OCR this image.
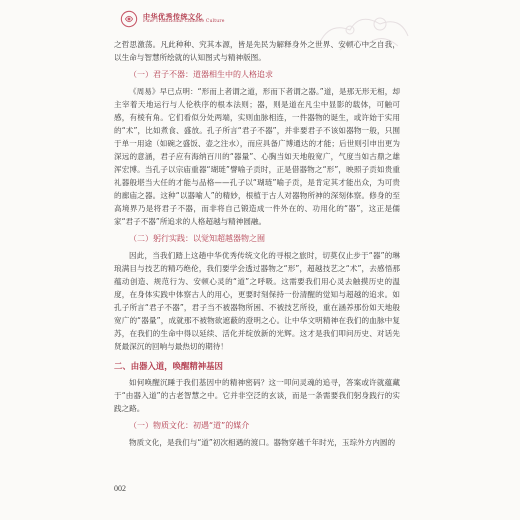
中华优秀传统文化
Fine Traditional Chinese Culture
之哲思激荡。凡此种种、究其本源，皆是先民为解释身外之世界、安顿心中之自我，以生命与智慧所绘就的认知图式与精神版图。
（一）君子不器：道器相生中的人格追求
《周易》早已点明：“形而上者谓之道，形而下者谓之器。”道，是那无形无相，却主宰着天地运行与人伦秩序的根本法则；器，则是道在凡尘中显影的载体，可触可感，有棱有角。它们看似分处两端，实则血脉相连，一件器物的诞生，或许始于实用的“术”，比如煮食、盛放。孔子所言“君子不器”，并非要君子不该如器物一般，只囿于单一用途（如碗之盛饭、壶之注水），而应具备广博通达的才能；后世则引申出更为深远的意涵，君子应有海纳百川的“器量”、心胸当如天地般宽广，气度当如古鼎之雄浑宏博。当孔子以宗庙重器“瑚琏”譬喻子贡时，正是借器物之“形”，映照子贡如贵重礼器般堪当大任的才能与品格——孔子以“瑚琏”喻子贡，是肯定其才能出众，为可贵的廊庙之器。这种“以器喻人”的精妙，根植于古人对器物所神的深刻体察。修身的至高境界乃是将君子不器，而非将自己锻造成一件外在的、功用化的“器”，这正是儒家“君子不器”所追求的人格超越与精神圆融。
（二）躬行实践：以觉知超越器物之囿
因此，当我们踏上这趟中华优秀传统文化的寻根之旅时，切莫仅止步于“器”的琳琅满目与技艺的精巧绝伦，我们要学会透过器物之“形”，超越技艺之“术”，去感悟那蕴动创造、规范行为、安顿心灵的“道”之呼吸。这需要我们用心灵去触摸历史的温度，在身体实践中体察古人的用心，更要时刻保持一份清醒的觉知与超越的追求。如孔子所言“君子不器”，君子当不被器物所困、不被技艺所役，重在涵养那份如天地般宽广的“器量”，成就那不被物欲遮蔽的澄明之心。让中华文明精神在我们的血脉中复苏，在我们的生命中得以延续、活化并绽放新的光辉。这才是我们叩问历史、对话先贤最深沉的回响与最热切的期待！
二、由器入道，唤醒精神基因
如何唤醒沉睡于我们基因中的精神密码？这一叩问灵魂的追寻，答案或许就蕴藏于“由器入道”的古老智慧之中。它并非空泛的玄谈，而是一条需要我们躬身践行的实践之路。
（一）物质文化：初遇“道”的媒介
物质文化，是我们与“道”初次相遇的渡口。器物穿越千年时光，玉琮外方内圆的
002
